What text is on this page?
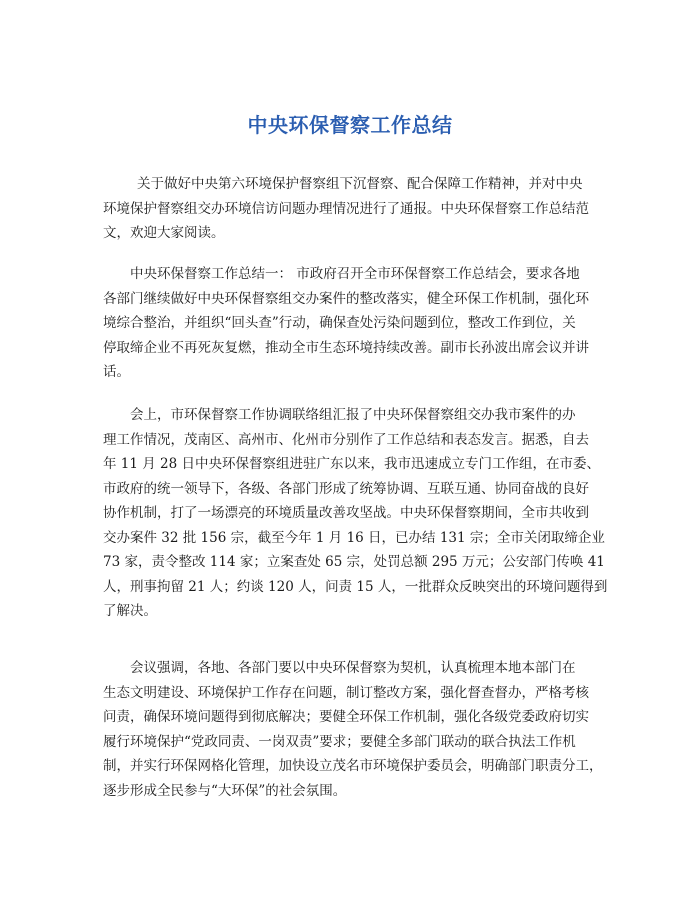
中央环保督察工作总结
关于做好中央第六环境保护督察组下沉督察、配合保障工作精神，并对中央
环境保护督察组交办环境信访问题办理情况进行了通报。中央环保督察工作总结范
文，欢迎大家阅读。
中央环保督察工作总结一： 市政府召开全市环保督察工作总结会，要求各地
各部门继续做好中央环保督察组交办案件的整改落实，健全环保工作机制，强化环
境综合整治，并组织“回头查”行动，确保查处污染问题到位，整改工作到位，关
停取缔企业不再死灰复燃，推动全市生态环境持续改善。副市长孙波出席会议并讲
话。
会上，市环保督察工作协调联络组汇报了中央环保督察组交办我市案件的办
理工作情况，茂南区、高州市、化州市分别作了工作总结和表态发言。据悉，自去
年 11 月 28 日中央环保督察组进驻广东以来，我市迅速成立专门工作组，在市委、
市政府的统一领导下，各级、各部门形成了统筹协调、互联互通、协同奋战的良好
协作机制，打了一场漂亮的环境质量改善攻坚战。中央环保督察期间，全市共收到
交办案件 32 批 156 宗，截至今年 1 月 16 日，已办结 131 宗；全市关闭取缔企业
73 家，责令整改 114 家；立案查处 65 宗，处罚总额 295 万元；公安部门传唤 41
人，刑事拘留 21 人；约谈 120 人，问责 15 人，一批群众反映突出的环境问题得到
了解决。
会议强调，各地、各部门要以中央环保督察为契机，认真梳理本地本部门在
生态文明建设、环境保护工作存在问题，制订整改方案，强化督查督办，严格考核
问责，确保环境问题得到彻底解决；要健全环保工作机制，强化各级党委政府切实
履行环境保护“党政同责、一岗双责”要求；要健全多部门联动的联合执法工作机
制，并实行环保网格化管理，加快设立茂名市环境保护委员会，明确部门职责分工，
逐步形成全民参与“大环保”的社会氛围。
